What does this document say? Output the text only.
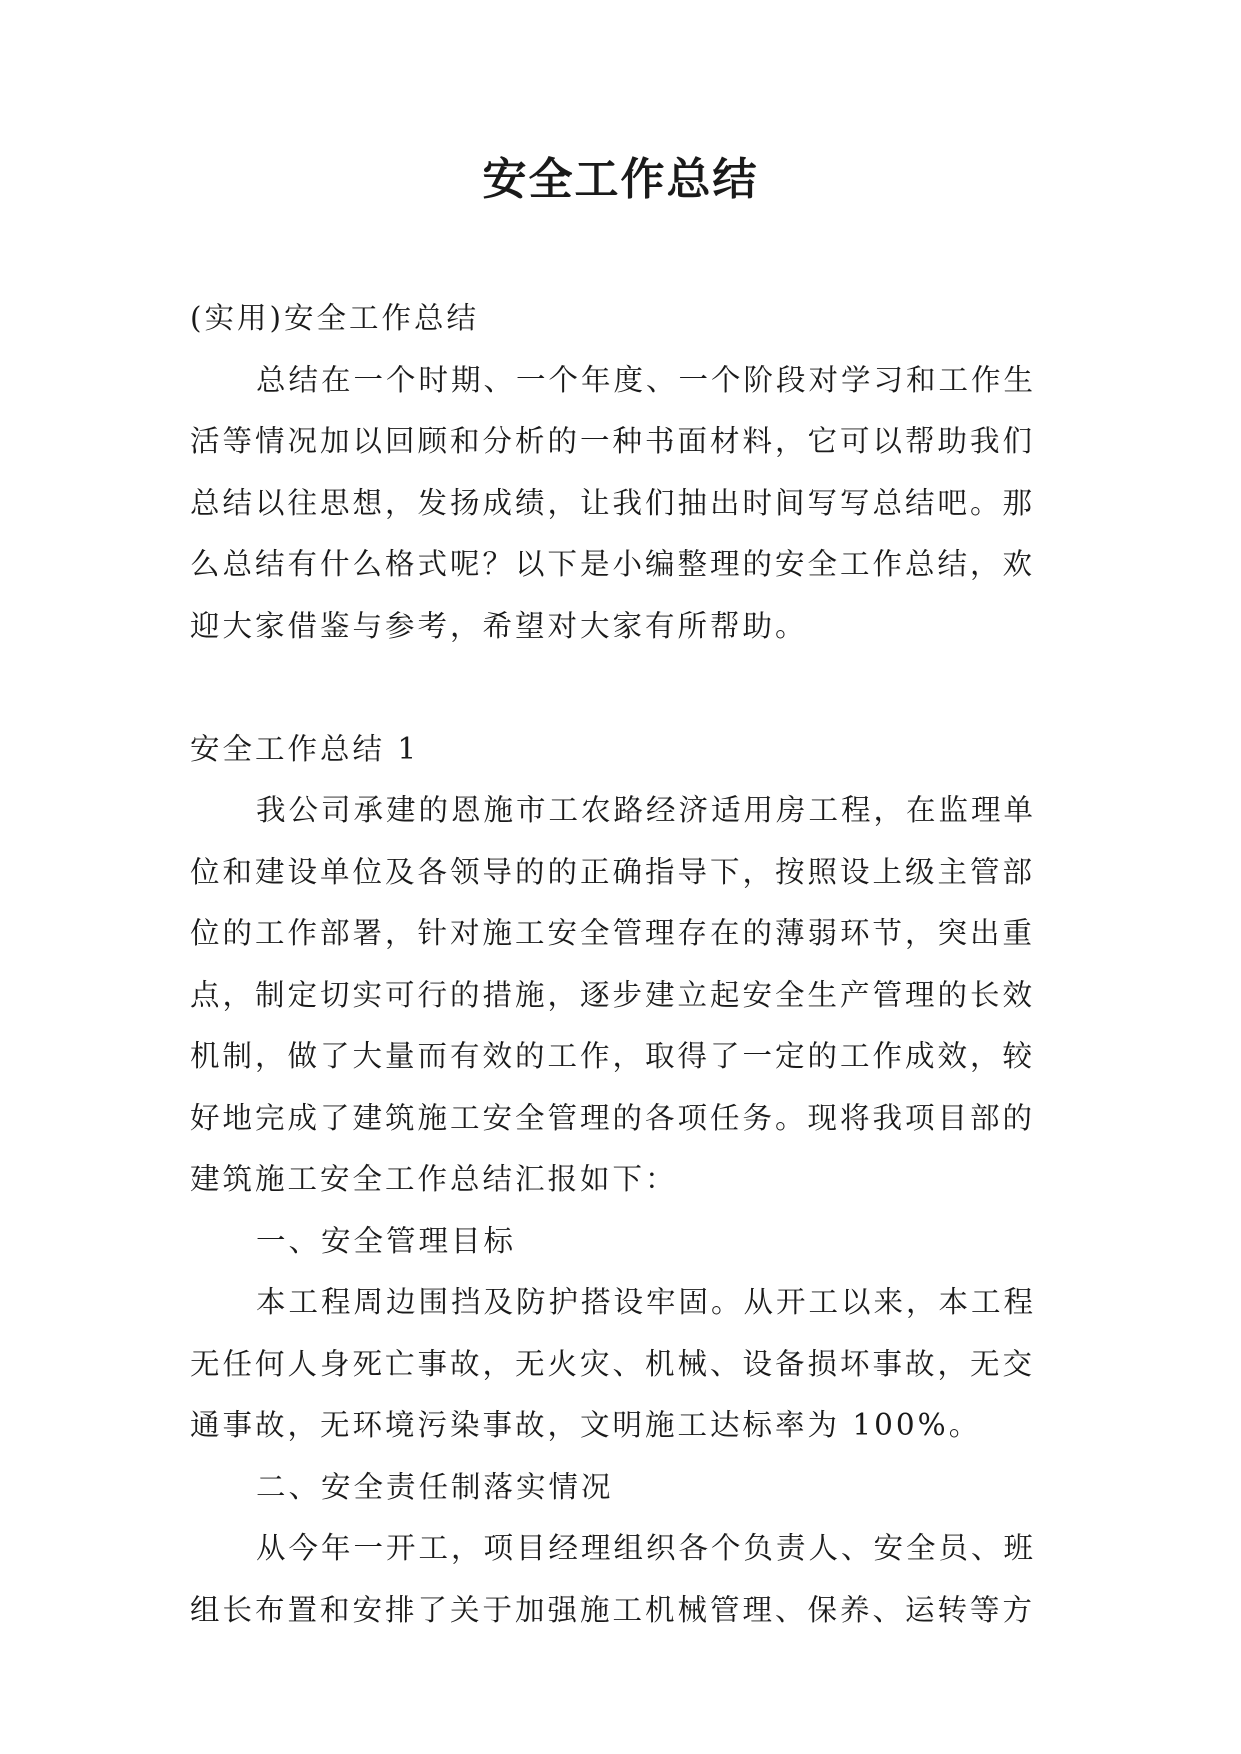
安全工作总结

(实用)安全工作总结

总结在一个时期、一个年度、一个阶段对学习和工作生活等情况加以回顾和分析的一种书面材料，它可以帮助我们总结以往思想，发扬成绩，让我们抽出时间写写总结吧。那么总结有什么格式呢？以下是小编整理的安全工作总结，欢迎大家借鉴与参考，希望对大家有所帮助。

安全工作总结 1

我公司承建的恩施市工农路经济适用房工程，在监理单位和建设单位及各领导的的正确指导下，按照设上级主管部位的工作部署，针对施工安全管理存在的薄弱环节，突出重点，制定切实可行的措施，逐步建立起安全生产管理的长效机制，做了大量而有效的工作，取得了一定的工作成效，较好地完成了建筑施工安全管理的各项任务。现将我项目部的建筑施工安全工作总结汇报如下：

一、安全管理目标

本工程周边围挡及防护搭设牢固。从开工以来，本工程无任何人身死亡事故，无火灾、机械、设备损坏事故，无交通事故，无环境污染事故，文明施工达标率为 100%。

二、安全责任制落实情况

从今年一开工，项目经理组织各个负责人、安全员、班组长布置和安排了关于加强施工机械管理、保养、运转等方
